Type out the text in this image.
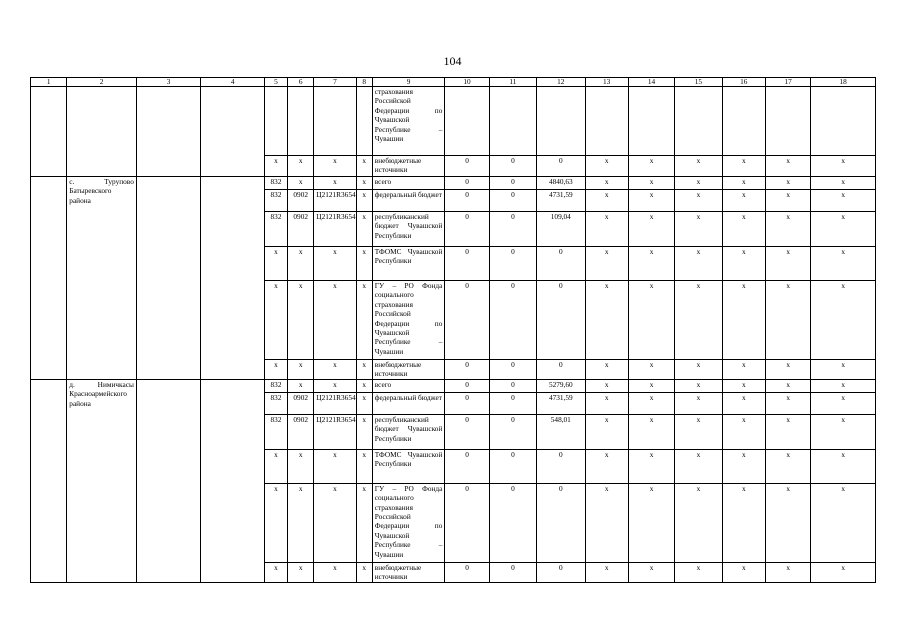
104
1	2	3	4	5	6	7	8	9	10	11	12	13	14	15	16	17	18
								страхования Российской Федерации по Чувашской Республике – Чувашии									
				х	х	х	х	внебюджетные источники	0	0	0	х	х	х	х	х	х
	с. Турупово Батыревского района			832	х	х	х	всего	0	0	4840,63	х	х	х	х	х	х
				832	0902	Ц2121R3654	х	федеральный бюджет	0	0	4731,59	х	х	х	х	х	х
				832	0902	Ц2121R3654	х	республиканский бюджет Чувашской Республики	0	0	109,04	х	х	х	х	х	х
				х	х	х	х	ТФОМС Чувашской Республики	0	0	0	х	х	х	х	х	х
				х	х	х	х	ГУ – РО Фонда социального страхования Российской Федерации по Чувашской Республике – Чувашии	0	0	0	х	х	х	х	х	х
				х	х	х	х	внебюджетные источники	0	0	0	х	х	х	х	х	х
	д. Нимичкасы Красноармейского района			832	х	х	х	всего	0	0	5279,60	х	х	х	х	х	х
				832	0902	Ц2121R3654	х	федеральный бюджет	0	0	4731,59	х	х	х	х	х	х
				832	0902	Ц2121R3654	х	республиканский бюджет Чувашской Республики	0	0	548,01	х	х	х	х	х	х
				х	х	х	х	ТФОМС Чувашской Республики	0	0	0	х	х	х	х	х	х
				х	х	х	х	ГУ – РО Фонда социального страхования Российской Федерации по Чувашской Республике – Чувашии	0	0	0	х	х	х	х	х	х
				х	х	х	х	внебюджетные источники	0	0	0	х	х	х	х	х	х
